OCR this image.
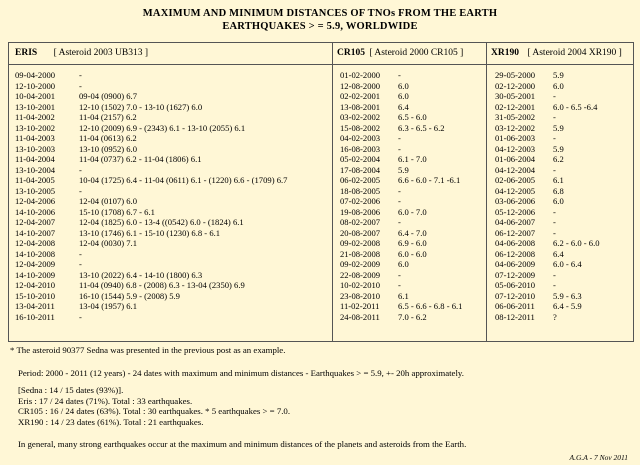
MAXIMUM AND MINIMUM DISTANCES OF TNOs FROM THE EARTH
EARTHQUAKES > = 5.9, WORLDWIDE
ERIS [ Asteroid 2003 UB313 ]	CR105 [ Asteroid 2000 CR105 ]	XR190 [ Asteroid 2004 XR190 ]
09-04-2000	-
12-10-2000	-
10-04-2001	09-04 (0900) 6.7
13-10-2001	12-10 (1502) 7.0 - 13-10 (1627) 6.0
11-04-2002	11-04 (2157) 6.2
13-10-2002	12-10 (2009) 6.9 - (2343) 6.1 - 13-10 (2055) 6.1
11-04-2003	11-04 (0613) 6.2
13-10-2003	13-10 (0952) 6.0
11-04-2004	11-04 (0737) 6.2 - 11-04 (1806) 6.1
13-10-2004	-
11-04-2005	10-04 (1725) 6.4 - 11-04 (0611) 6.1 - (1220) 6.6 - (1709) 6.7
13-10-2005	-
12-04-2006	12-04 (0107) 6.0
14-10-2006	15-10 (1708) 6.7 - 6.1
12-04-2007	12-04 (1825) 6.0 - 13-4 ((0542) 6.0 - (1824) 6.1
14-10-2007	13-10 (1746) 6.1 - 15-10 (1230) 6.8 - 6.1
12-04-2008	12-04 (0030) 7.1
14-10-2008	-
12-04-2009	-
14-10-2009	13-10 (2022) 6.4 - 14-10 (1800) 6.3
12-04-2010	11-04 (0940) 6.8 - (2008) 6.3 - 13-04 (2350) 6.9
15-10-2010	16-10 (1544) 5.9 - (2008) 5.9
13-04-2011	13-04 (1957) 6.1
16-10-2011	-
01-02-2000	-
12-08-2000	6.0
02-02-2001	6.0
13-08-2001	6.4
03-02-2002	6.5 - 6.0
15-08-2002	6.3 - 6.5 - 6.2
04-02-2003	-
16-08-2003	-
05-02-2004	6.1 - 7.0
17-08-2004	5.9
06-02-2005	6.6 - 6.0 - 7.1 -6.1
18-08-2005	-
07-02-2006	-
19-08-2006	6.0 - 7.0
08-02-2007	-
20-08-2007	6.4 - 7.0
09-02-2008	6.9 - 6.0
21-08-2008	6.0 - 6.0
09-02-2009	6.0
22-08-2009	-
10-02-2010	-
23-08-2010	6.1
11-02-2011	6.5 - 6.6 - 6.8 - 6.1
24-08-2011	7.0 - 6.2
29-05-2000	5.9
02-12-2000	6.0
30-05-2001	-
02-12-2001	6.0 - 6.5 -6.4
31-05-2002	-
03-12-2002	5.9
01-06-2003	-
04-12-2003	5.9
01-06-2004	6.2
04-12-2004	-
02-06-2005	6.1
04-12-2005	6.8
03-06-2006	6.0
05-12-2006	-
04-06-2007	-
06-12-2007	-
04-06-2008	6.2 - 6.0 - 6.0
06-12-2008	6.4
04-06-2009	6.0 - 6.4
07-12-2009	-
05-06-2010	-
07-12-2010	5.9 - 6.3
06-06-2011	6.4 - 5.9
08-12-2011	?

* The asteroid 90377 Sedna was presented in the previous post as an example.

Period: 2000 - 2011 (12 years) - 24 dates with maximum and minimum distances - Earthquakes > = 5.9, +- 20h approximately.

[Sedna : 14 / 15 dates (93%)].

Eris : 17 / 24 dates (71%). Total : 33 earthquakes.

CR105 : 16 / 24 dates (63%). Total : 30 earthquakes. * 5 earthquakes > = 7.0.

XR190 : 14 / 23 dates (61%). Total : 21 earthquakes.

In general, many strong earthquakes occur at the maximum and minimum distances of the planets and asteroids from the Earth.

A.G.A - 7 Nov 2011
